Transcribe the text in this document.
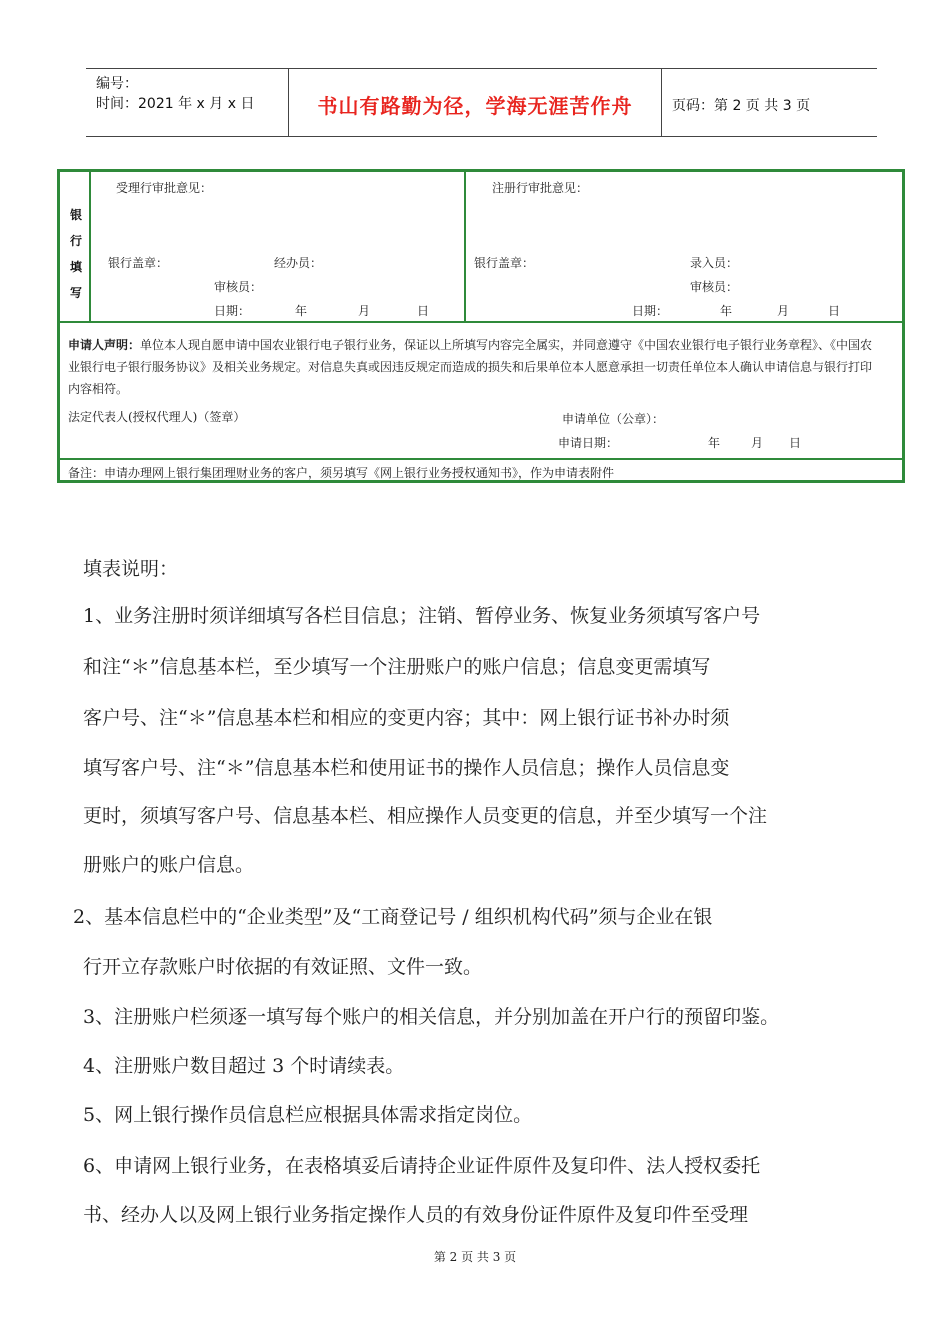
编号：
时间：2021 年 x 月 x 日	书山有路勤为径，学海无涯苦作舟	页码：第 2 页 共 3 页
银
行
填
写
受理行审批意见：
银行盖章：	经办员：
审核员：
日期：	年	月	日
注册行审批意见：
银行盖章：	录入员：
审核员：
日期：	年	月	日
申请人声明：单位本人现自愿申请中国农业银行电子银行业务，保证以上所填写内容完全属实，并同意遵守《中国农业银行电子银行业务章程》、《中国农业银行电子银行服务协议》及相关业务规定。对信息失真或因违反规定而造成的损失和后果单位本人愿意承担一切责任单位本人确认申请信息与银行打印内容相符。
法定代表人(授权代理人)（签章）	申请单位（公章）：
申请日期：	年	月 日
备注：申请办理网上银行集团理财业务的客户，须另填写《网上银行业务授权通知书》，作为申请表附件
填表说明：
1、业务注册时须详细填写各栏目信息；注销、暂停业务、恢复业务须填写客户号
和注“＊”信息基本栏，至少填写一个注册账户的账户信息；信息变更需填写
客户号、注“＊”信息基本栏和相应的变更内容；其中：网上银行证书补办时须
填写客户号、注“＊”信息基本栏和使用证书的操作人员信息；操作人员信息变
更时，须填写客户号、信息基本栏、相应操作人员变更的信息，并至少填写一个注
册账户的账户信息。
2、基本信息栏中的“企业类型”及“工商登记号 / 组织机构代码”须与企业在银
行开立存款账户时依据的有效证照、文件一致。
3、注册账户栏须逐一填写每个账户的相关信息，并分别加盖在开户行的预留印鉴。
4、注册账户数目超过 3 个时请续表。
5、网上银行操作员信息栏应根据具体需求指定岗位。
6、申请网上银行业务，在表格填妥后请持企业证件原件及复印件、法人授权委托
书、经办人以及网上银行业务指定操作人员的有效身份证件原件及复印件至受理
第 2 页 共 3 页
